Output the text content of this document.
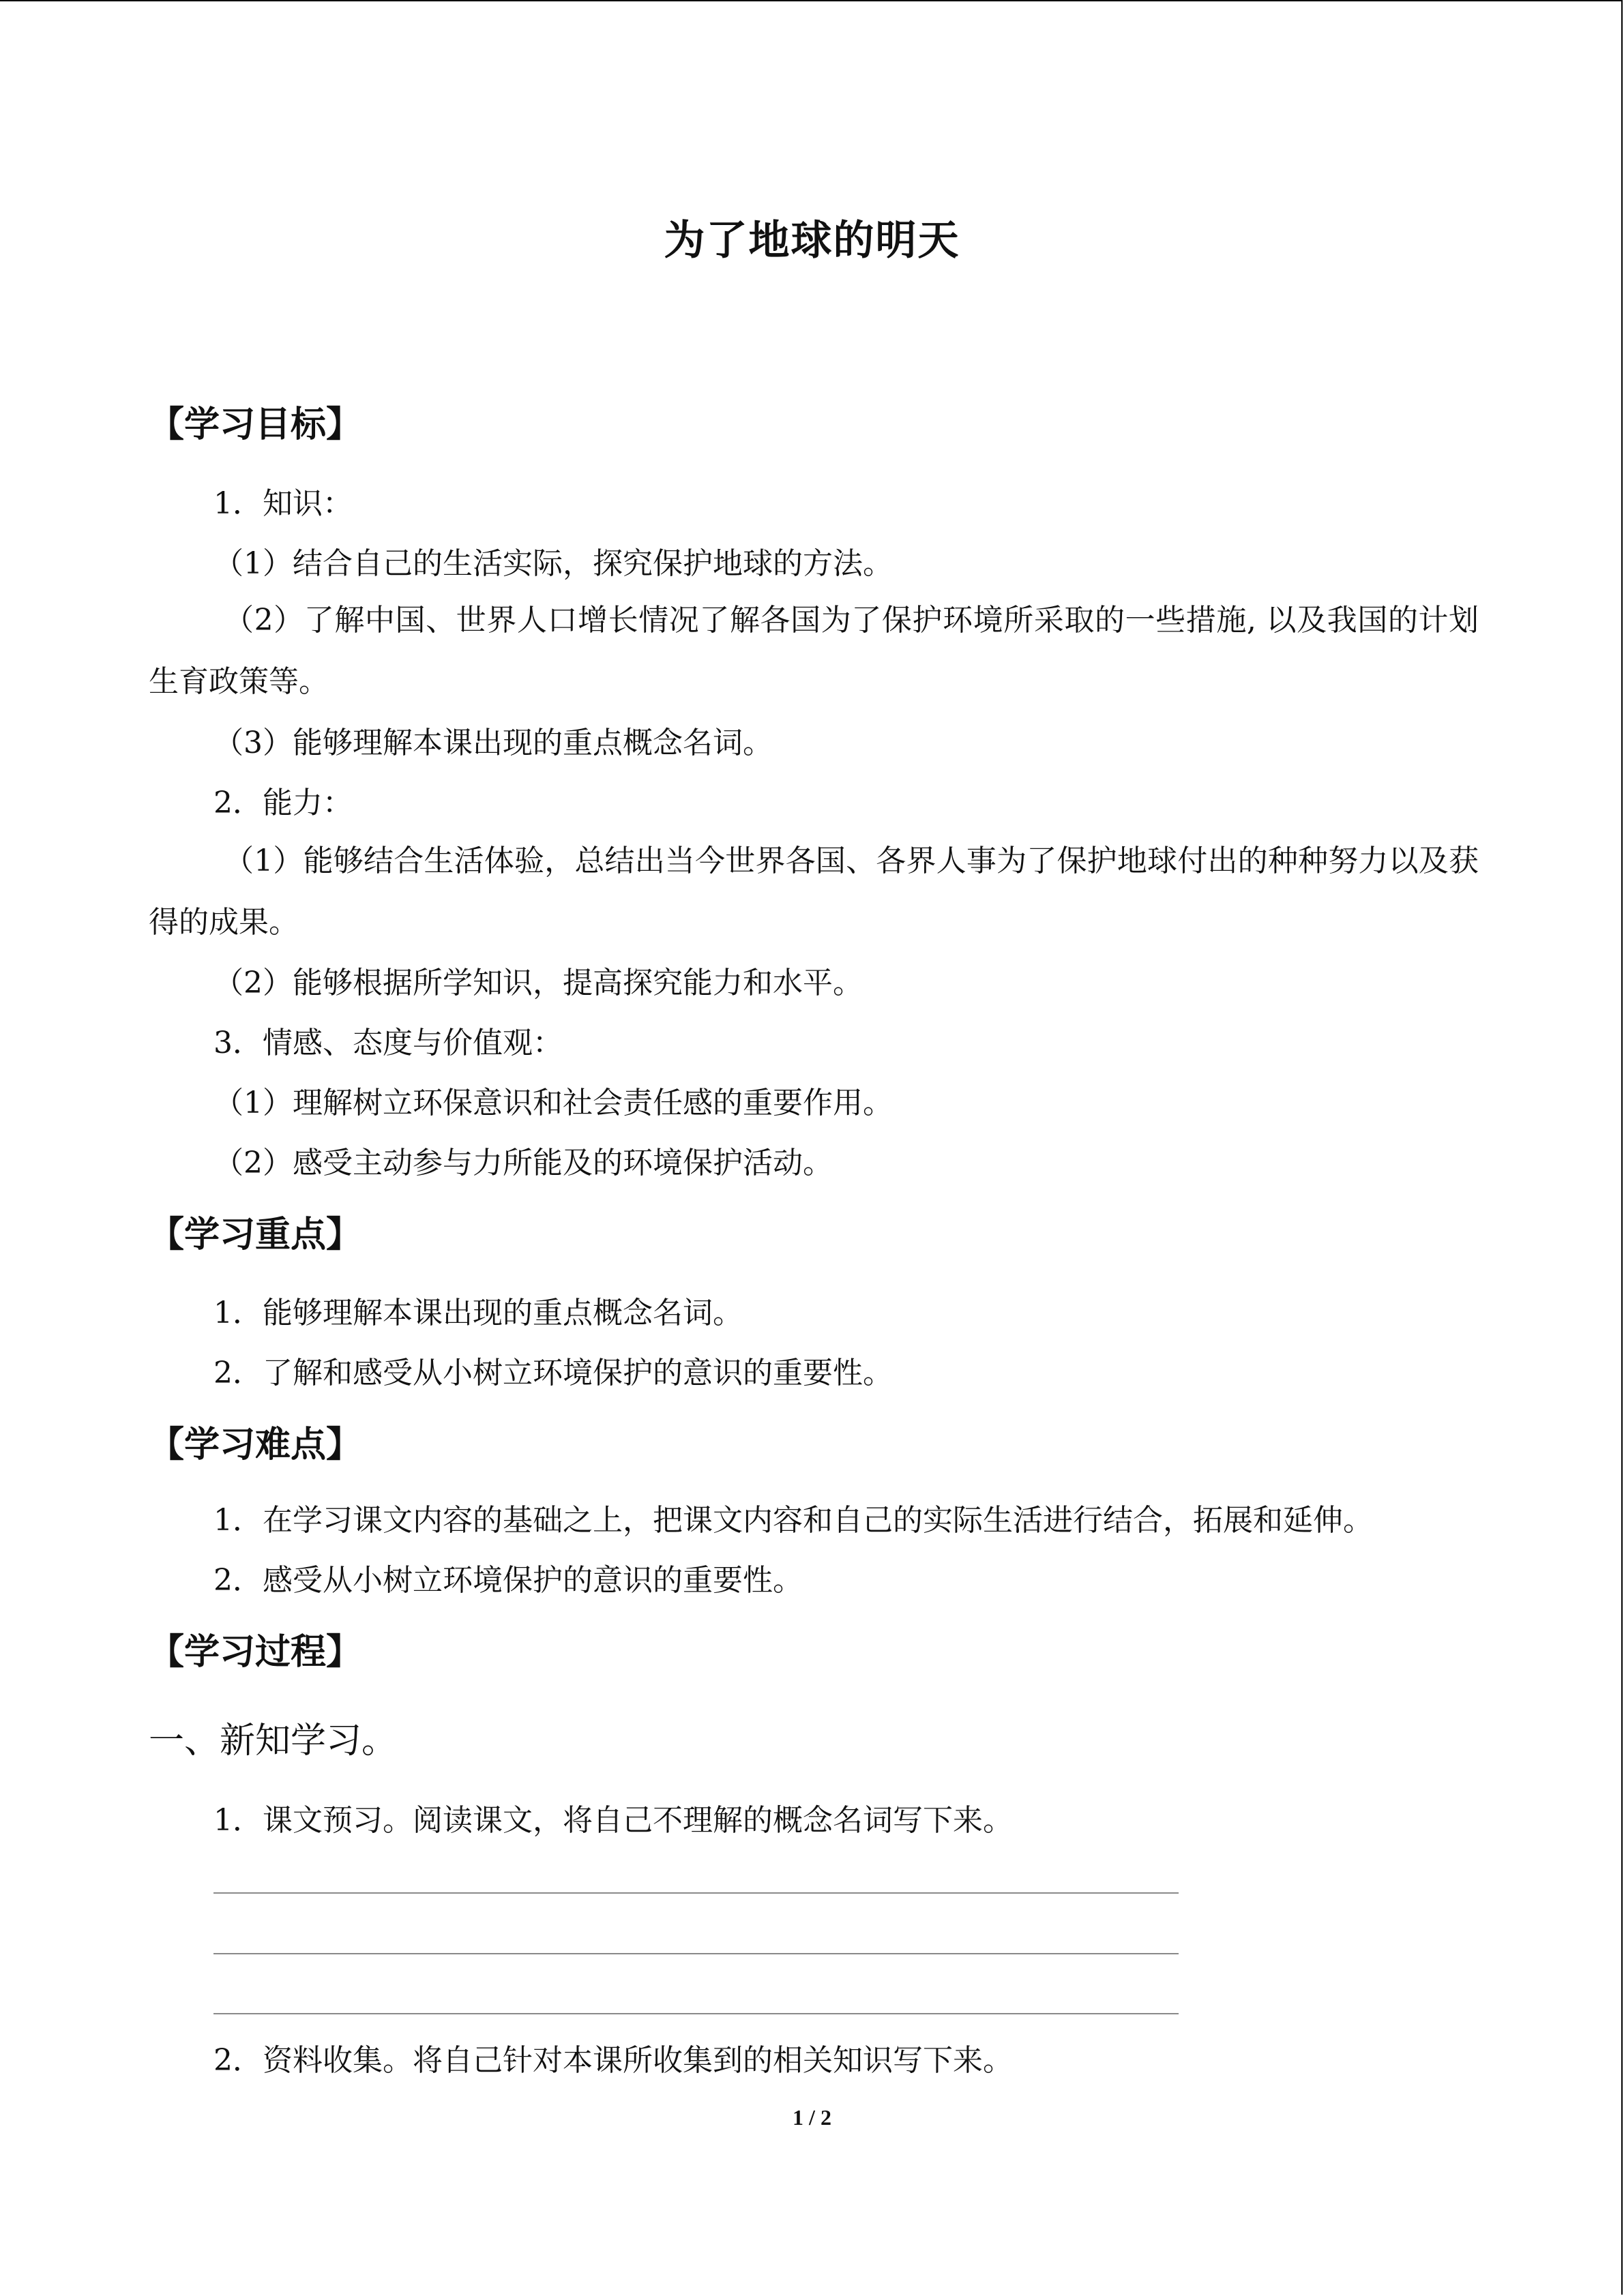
为了地球的明天
【学习目标】
1．知识：
（1）结合自己的生活实际，探究保护地球的方法。
（2）了解中国、世界人口增长情况了解各国为了保护环境所采取的一些措施, 以及我国的计划生育政策等。
（3）能够理解本课出现的重点概念名词。
2．能力：
（1）能够结合生活体验，总结出当今世界各国、各界人事为了保护地球付出的种种努力以及获得的成果。
（2）能够根据所学知识，提高探究能力和水平。
3．情感、态度与价值观：
（1）理解树立环保意识和社会责任感的重要作用。
（2）感受主动参与力所能及的环境保护活动。
【学习重点】
1．能够理解本课出现的重点概念名词。
2．了解和感受从小树立环境保护的意识的重要性。
【学习难点】
1．在学习课文内容的基础之上，把课文内容和自己的实际生活进行结合，拓展和延伸。
2．感受从小树立环境保护的意识的重要性。
【学习过程】
一、新知学习。
1．课文预习。阅读课文，将自己不理解的概念名词写下来。
2．资料收集。将自己针对本课所收集到的相关知识写下来。
1 / 2
